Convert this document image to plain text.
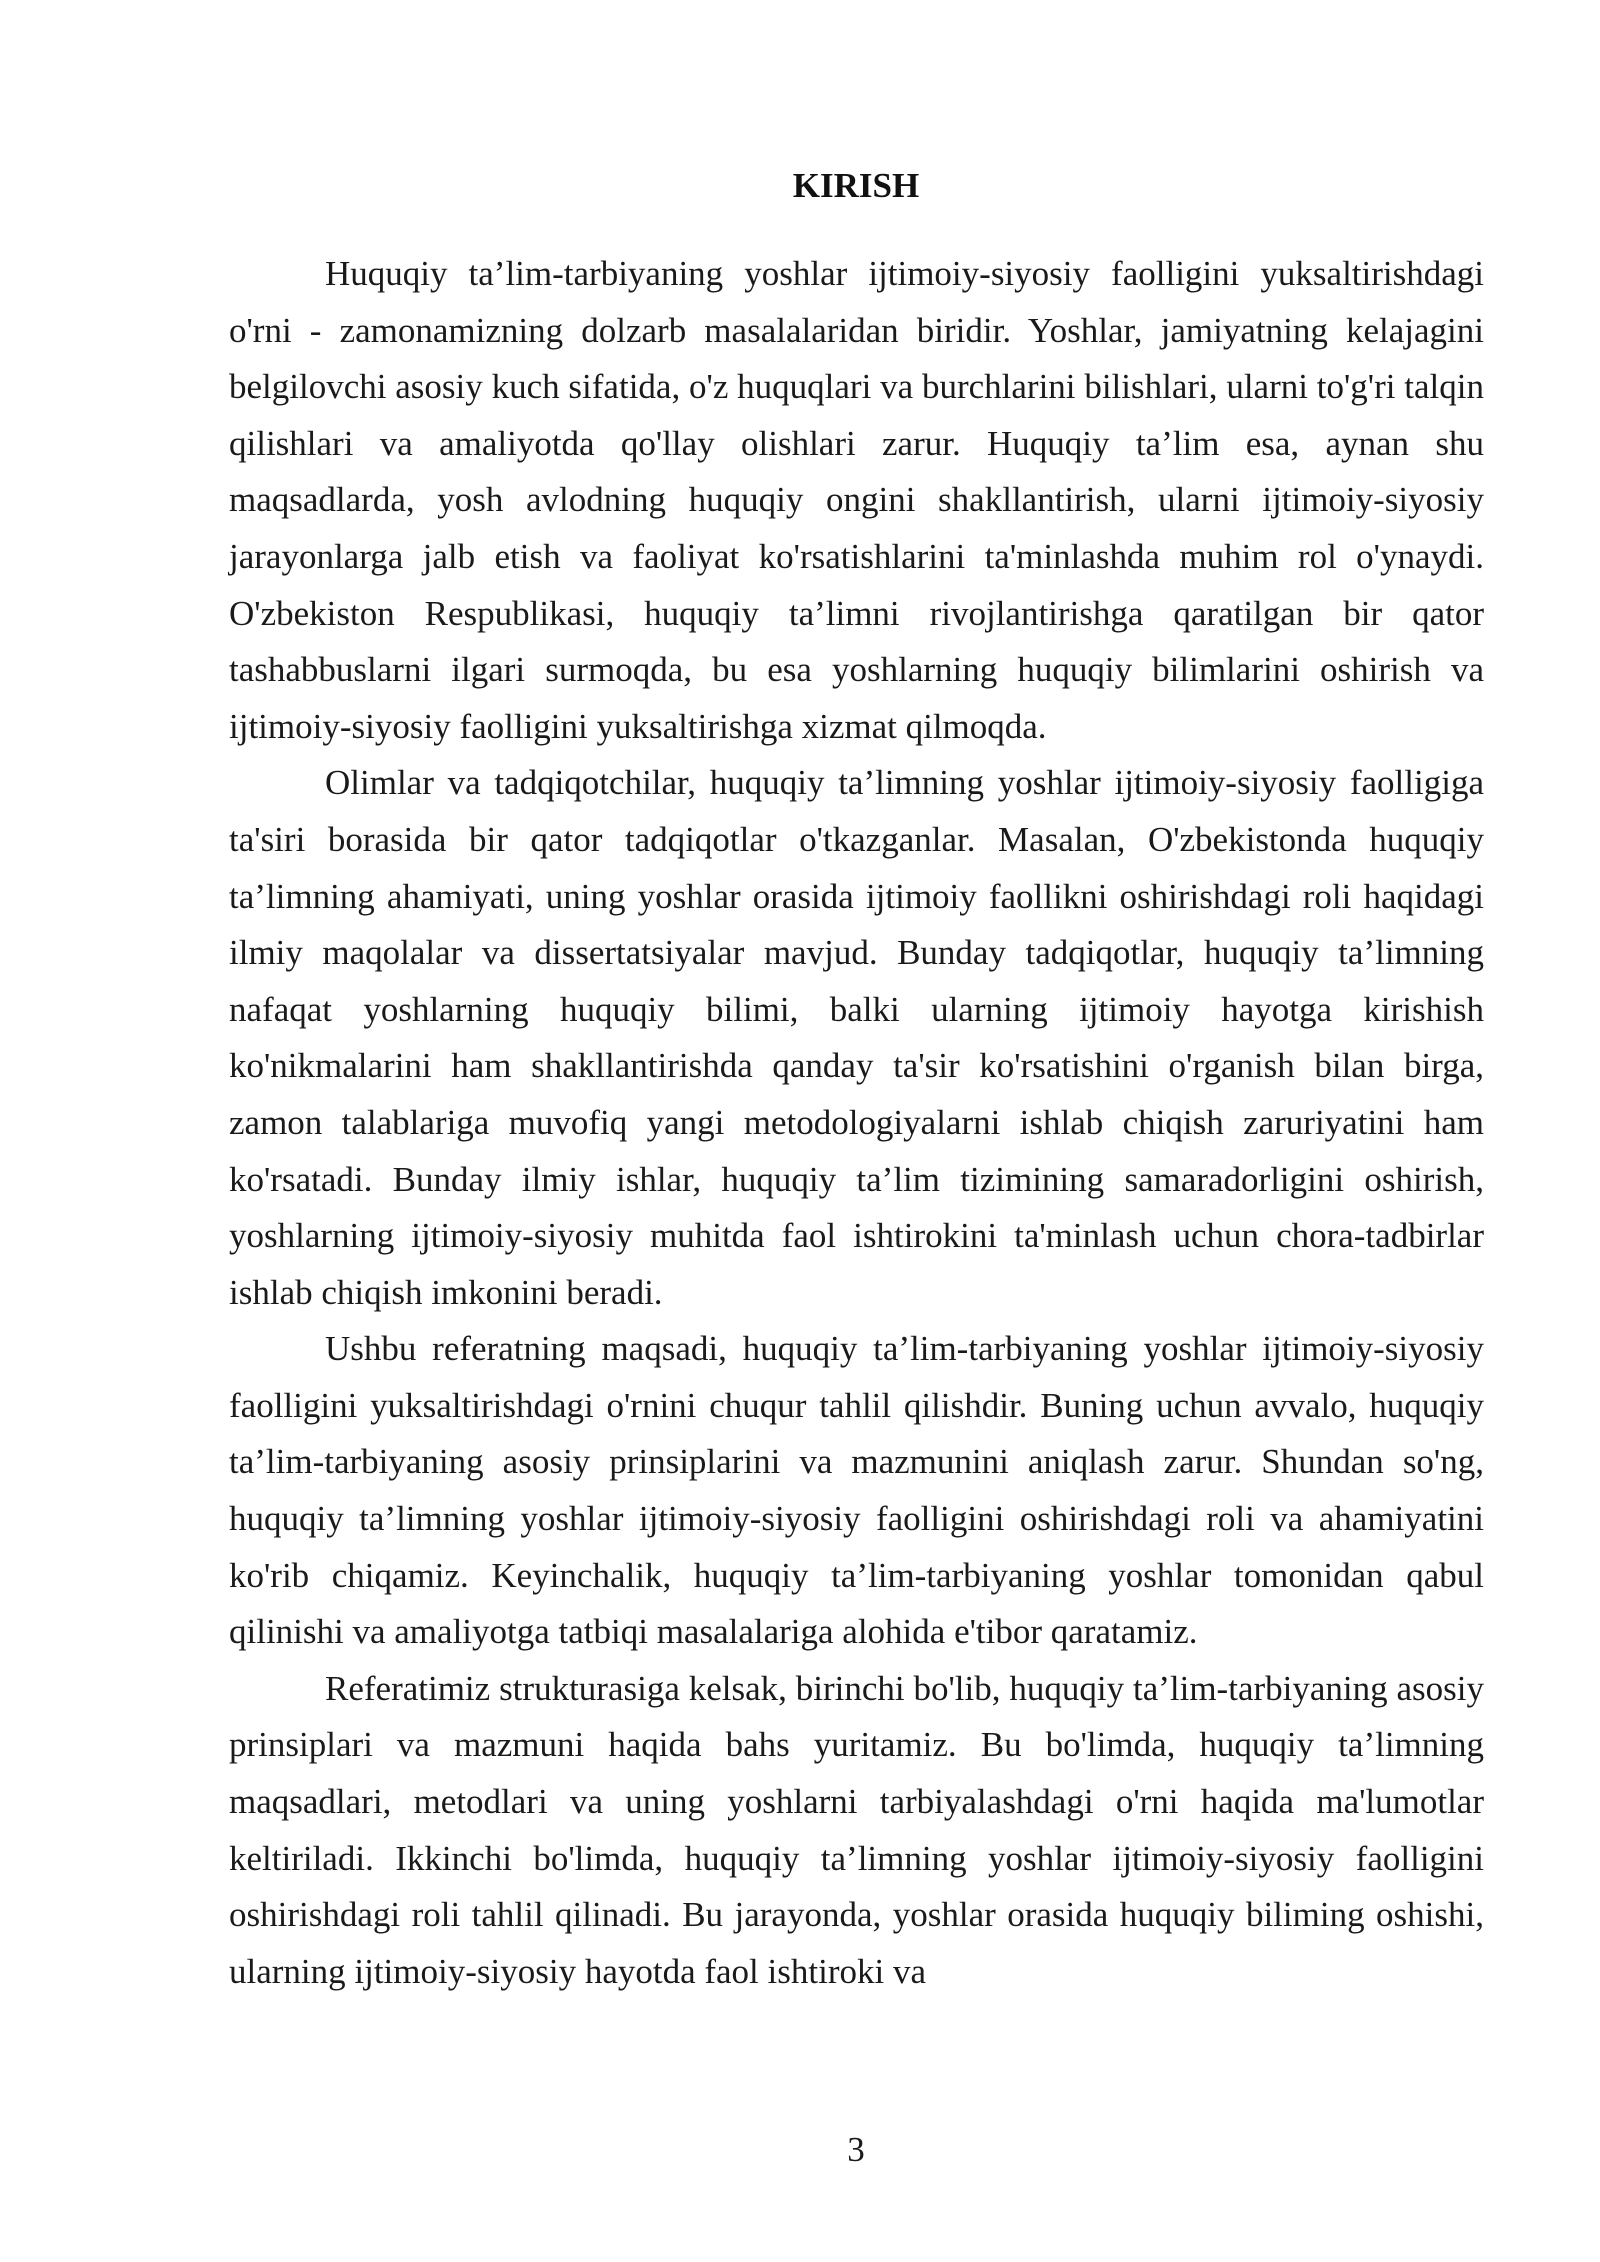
KIRISH

Huquqiy ta’lim-tarbiyaning yoshlar ijtimoiy-siyosiy faolligini yuksaltirishdagi o'rni - zamonamizning dolzarb masalalaridan biridir. Yoshlar, jamiyatning kelajagini belgilovchi asosiy kuch sifatida, o'z huquqlari va burchlarini bilishlari, ularni to'g'ri talqin qilishlari va amaliyotda qo'llay olishlari zarur. Huquqiy ta’lim esa, aynan shu maqsadlarda, yosh avlodning huquqiy ongini shakllantirish, ularni ijtimoiy-siyosiy jarayonlarga jalb etish va faoliyat ko'rsatishlarini ta'minlashda muhim rol o'ynaydi. O'zbekiston Respublikasi, huquqiy ta’limni rivojlantirishga qaratilgan bir qator tashabbuslarni ilgari surmoqda, bu esa yoshlarning huquqiy bilimlarini oshirish va ijtimoiy-siyosiy faolligini yuksaltirishga xizmat qilmoqda.

Olimlar va tadqiqotchilar, huquqiy ta’limning yoshlar ijtimoiy-siyosiy faolligiga ta'siri borasida bir qator tadqiqotlar o'tkazganlar. Masalan, O'zbekistonda huquqiy ta’limning ahamiyati, uning yoshlar orasida ijtimoiy faollikni oshirishdagi roli haqidagi ilmiy maqolalar va dissertatsiyalar mavjud. Bunday tadqiqotlar, huquqiy ta’limning nafaqat yoshlarning huquqiy bilimi, balki ularning ijtimoiy hayotga kirishish ko'nikmalarini ham shakllantirishda qanday ta'sir ko'rsatishini o'rganish bilan birga, zamon talablariga muvofiq yangi metodologiyalarni ishlab chiqish zaruriyatini ham ko'rsatadi. Bunday ilmiy ishlar, huquqiy ta’lim tizimining samaradorligini oshirish, yoshlarning ijtimoiy-siyosiy muhitda faol ishtirokini ta'minlash uchun chora-tadbirlar ishlab chiqish imkonini beradi.

Ushbu referatning maqsadi, huquqiy ta’lim-tarbiyaning yoshlar ijtimoiy-siyosiy faolligini yuksaltirishdagi o'rnini chuqur tahlil qilishdir. Buning uchun avvalo, huquqiy ta’lim-tarbiyaning asosiy prinsiplarini va mazmunini aniqlash zarur. Shundan so'ng, huquqiy ta’limning yoshlar ijtimoiy-siyosiy faolligini oshirishdagi roli va ahamiyatini ko'rib chiqamiz. Keyinchalik, huquqiy ta’lim-tarbiyaning yoshlar tomonidan qabul qilinishi va amaliyotga tatbiqi masalalariga alohida e'tibor qaratamiz.

Referatimiz strukturasiga kelsak, birinchi bo'lib, huquqiy ta’lim-tarbiyaning asosiy prinsiplari va mazmuni haqida bahs yuritamiz. Bu bo'limda, huquqiy ta’limning maqsadlari, metodlari va uning yoshlarni tarbiyalashdagi o'rni haqida ma'lumotlar keltiriladi. Ikkinchi bo'limda, huquqiy ta’limning yoshlar ijtimoiy-siyosiy faolligini oshirishdagi roli tahlil qilinadi. Bu jarayonda, yoshlar orasida huquqiy biliming oshishi, ularning ijtimoiy-siyosiy hayotda faol ishtiroki va

3
